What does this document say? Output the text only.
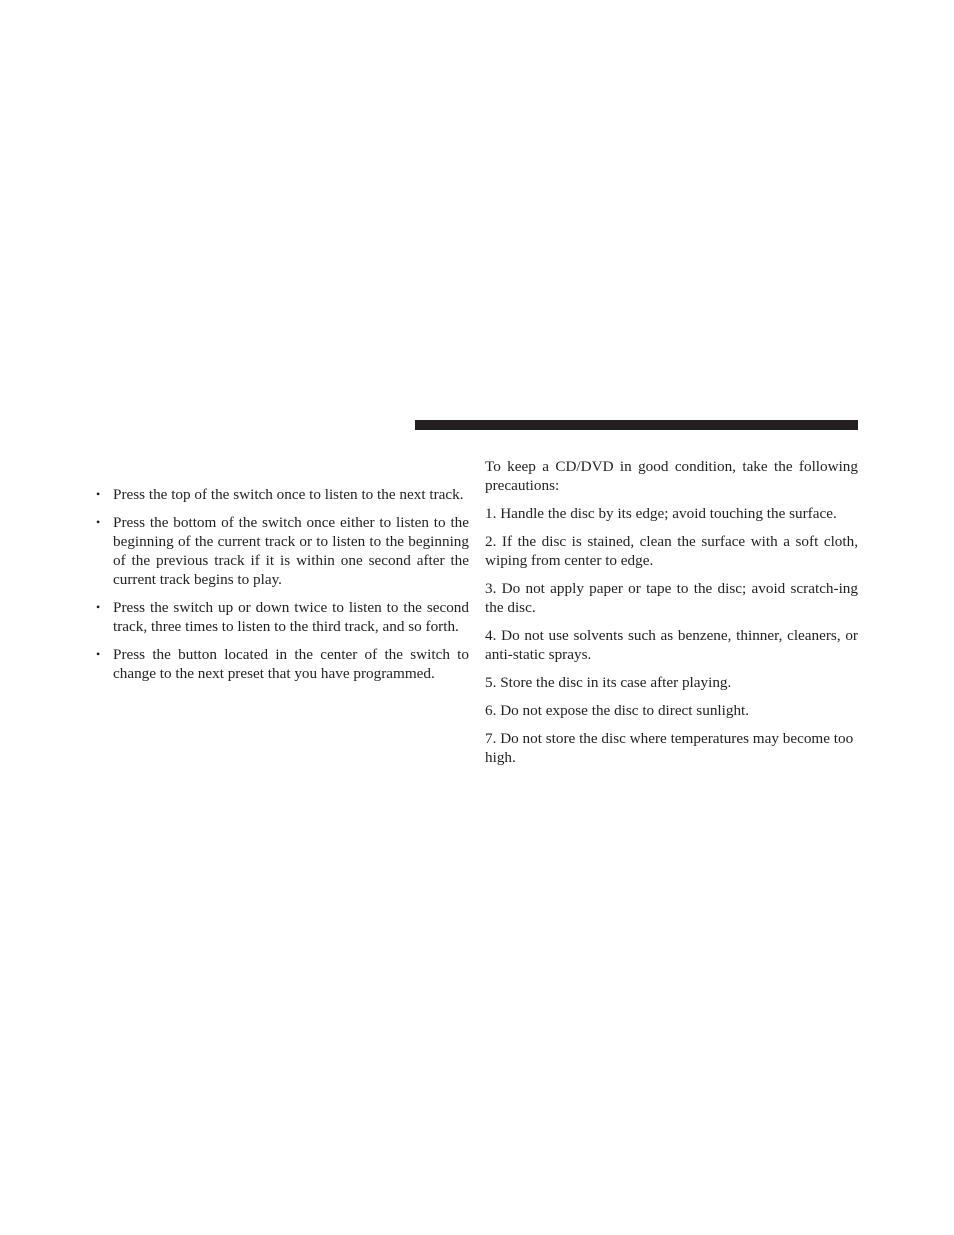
• Press the top of the switch once to listen to the next track.
• Press the bottom of the switch once either to listen to the beginning of the current track or to listen to the beginning of the previous track if it is within one second after the current track begins to play.
• Press the switch up or down twice to listen to the second track, three times to listen to the third track, and so forth.
• Press the button located in the center of the switch to change to the next preset that you have programmed.

To keep a CD/DVD in good condition, take the following precautions:

1. Handle the disc by its edge; avoid touching the surface.

2. If the disc is stained, clean the surface with a soft cloth, wiping from center to edge.

3. Do not apply paper or tape to the disc; avoid scratch-ing the disc.

4. Do not use solvents such as benzene, thinner, cleaners, or anti-static sprays.

5. Store the disc in its case after playing.

6. Do not expose the disc to direct sunlight.

7. Do not store the disc where temperatures may become too high.
